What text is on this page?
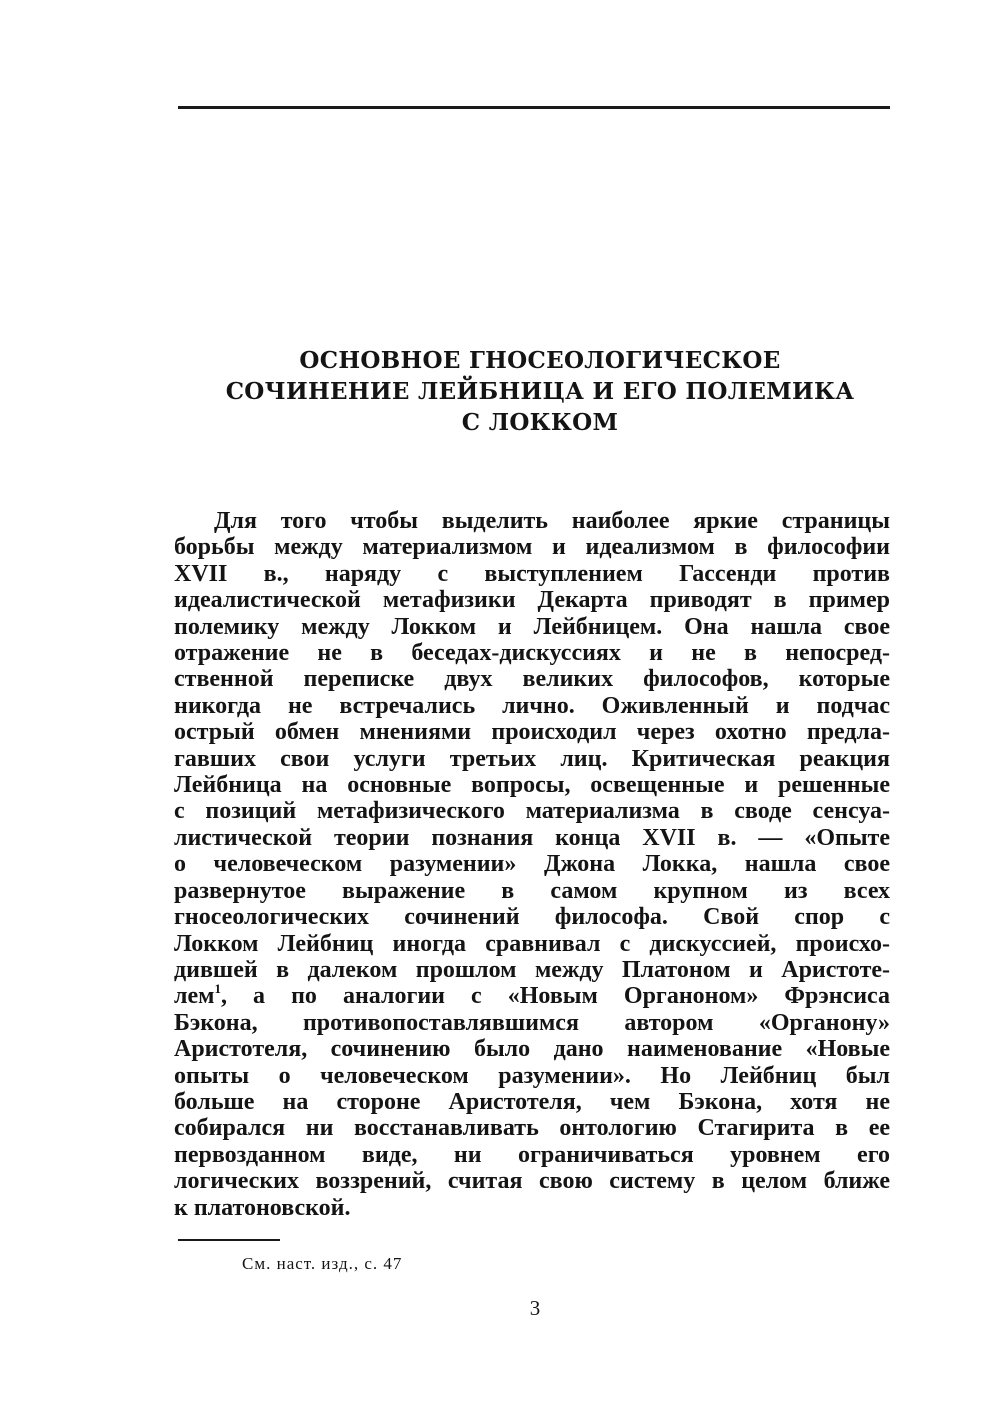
ОСНОВНОЕ ГНОСЕОЛОГИЧЕСКОЕ
СОЧИНЕНИЕ ЛЕЙБНИЦА И ЕГО ПОЛЕМИКА
С ЛОККОМ
Для того чтобы выделить наиболее яркие страницы
борьбы между материализмом и идеализмом в философии
XVII в., наряду с выступлением Гассенди против
идеалистической метафизики Декарта приводят в пример
полемику между Локком и Лейбницем. Она нашла свое
отражение не в беседах-дискуссиях и не в непосред-
ственной переписке двух великих философов, которые
никогда не встречались лично. Оживленный и подчас
острый обмен мнениями происходил через охотно предла-
гавших свои услуги третьих лиц. Критическая реакция
Лейбница на основные вопросы, освещенные и решенные
с позиций метафизического материализма в своде сенсуа-
листической теории познания конца XVII в. — «Опыте
о человеческом разумении» Джона Локка, нашла свое
развернутое выражение в самом крупном из всех
гносеологических сочинений философа. Свой спор с
Локком Лейбниц иногда сравнивал с дискуссией, происхо-
дившей в далеком прошлом между Платоном и Аристоте-
лем$^1$, а по аналогии с «Новым Органоном» Фрэнсиса
Бэкона, противопоставлявшимся автором «Органону»
Аристотеля, сочинению было дано наименование «Новые
опыты о человеческом разумении». Но Лейбниц был
больше на стороне Аристотеля, чем Бэкона, хотя не
собирался ни восстанавливать онтологию Стагирита в ее
первозданном виде, ни ограничиваться уровнем его
логических воззрений, считая свою систему в целом ближе
к платоновской.

См. наст. изд., с. 47

3
